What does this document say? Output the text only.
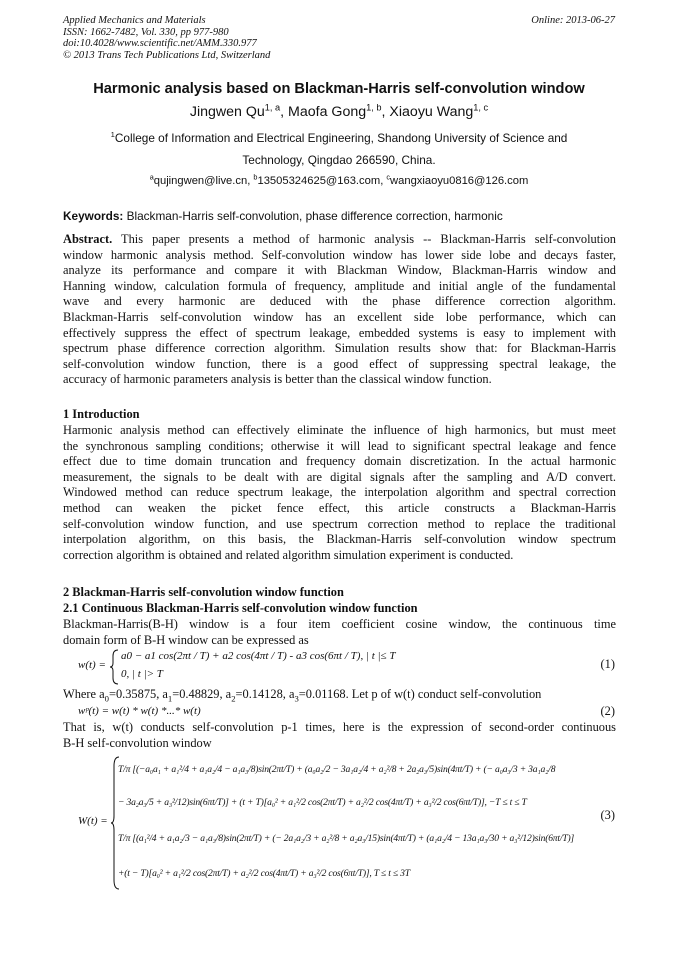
Applied Mechanics and Materials
ISSN: 1662-7482, Vol. 330, pp 977-980
doi:10.4028/www.scientific.net/AMM.330.977
© 2013 Trans Tech Publications Ltd, Switzerland
Online: 2013-06-27
Harmonic analysis based on Blackman-Harris self-convolution window
Jingwen Qu$^{1, a}$, Maofa Gong$^{1, b}$, Xiaoyu Wang$^{1, c}$
$^1$College of Information and Electrical Engineering, Shandong University of Science and
Technology, Qingdao 266590, China.
$^a$qujingwen@live.cn, $^b$13505324625@163.com, $^c$wangxiaoyu0816@126.com
Keywords: Blackman-Harris self-convolution, phase difference correction, harmonic
Abstract. This paper presents a method of harmonic analysis -- Blackman-Harris self-convolution
window harmonic analysis method. Self-convolution window has lower side lobe and decays faster,
analyze its performance and compare it with Blackman Window, Blackman-Harris window and
Hanning window, calculation formula of frequency, amplitude and initial angle of the fundamental
wave and every harmonic are deduced with the phase difference correction algorithm.
Blackman-Harris self-convolution window has an excellent side lobe performance, which can
effectively suppress the effect of spectrum leakage, embedded systems is easy to implement with
spectrum phase difference correction algorithm. Simulation results show that: for Blackman-Harris
self-convolution window function, there is a good effect of suppressing spectral leakage, the
accuracy of harmonic parameters analysis is better than the classical window function.
1 Introduction
Harmonic analysis method can effectively eliminate the influence of high harmonics, but must meet
the synchronous sampling conditions; otherwise it will lead to significant spectral leakage and fence
effect due to time domain truncation and frequency domain discretization. In the actual harmonic
measurement, the signals to be dealt with are digital signals after the sampling and A/D convert.
Windowed method can reduce spectrum leakage, the interpolation algorithm and spectral correction
method can weaken the picket fence effect, this article constructs a Blackman-Harris
self-convolution window function, and use spectrum correction method to replace the traditional
interpolation algorithm, on this basis, the Blackman-Harris self-convolution window spectrum
correction algorithm is obtained and related algorithm simulation experiment is conducted.
2 Blackman-Harris self-convolution window function
2.1 Continuous Blackman-Harris self-convolution window function
Blackman-Harris(B-H) window is a four item coefficient cosine window, the continuous time
domain form of B-H window can be expressed as
w(t) =
a0 − a1 cos(2πt / T) + a2 cos(4πt / T) - a3 cos(6πt / T), | t |≤ T
0, | t |> T
(1)
Where $a_0=0.35875$, $a_1=0.48829$, $a_2=0.14128$, $a_3=0.01168$. Let p of w(t) conduct self-convolution
wᵖ(t) = w(t) * w(t) *...* w(t)	(2)
That is, w(t) conducts self-convolution p-1 times, here is the expression of second-order continuous
B-H self-convolution window
W(t) =
T/π [(−a₀a₁ + a₁²/4 + a₁a₂/4 − a₁a₃/8)sin(2πt/T) + (a₀a₂/2 − 3a₁a₂/4 + a₂²/8 + 2a₂a₃/5)sin(4πt/T) + (− a₀a₃/3 + 3a₁a₂/8
− 3a₂a₃/5 + a₃²/12)sin(6πt/T)] + (t + T)[a₀² + a₁²/2 cos(2πt/T) + a₂²/2 cos(4πt/T) + a₃²/2 cos(6πt/T)], −T ≤ t ≤ T
T/π [(a₁²/4 + a₁a₂/3 − a₁a₃/8)sin(2πt/T) + (− 2a₁a₂/3 + a₂²/8 + a₂a₃/15)sin(4πt/T) + (a₁a₂/4 − 13a₁a₃/30 + a₃²/12)sin(6πt/T)]
+(t − T)[a₀² + a₁²/2 cos(2πt/T) + a₂²/2 cos(4πt/T) + a₃²/2 cos(6πt/T)], T ≤ t ≤ 3T
(3)
